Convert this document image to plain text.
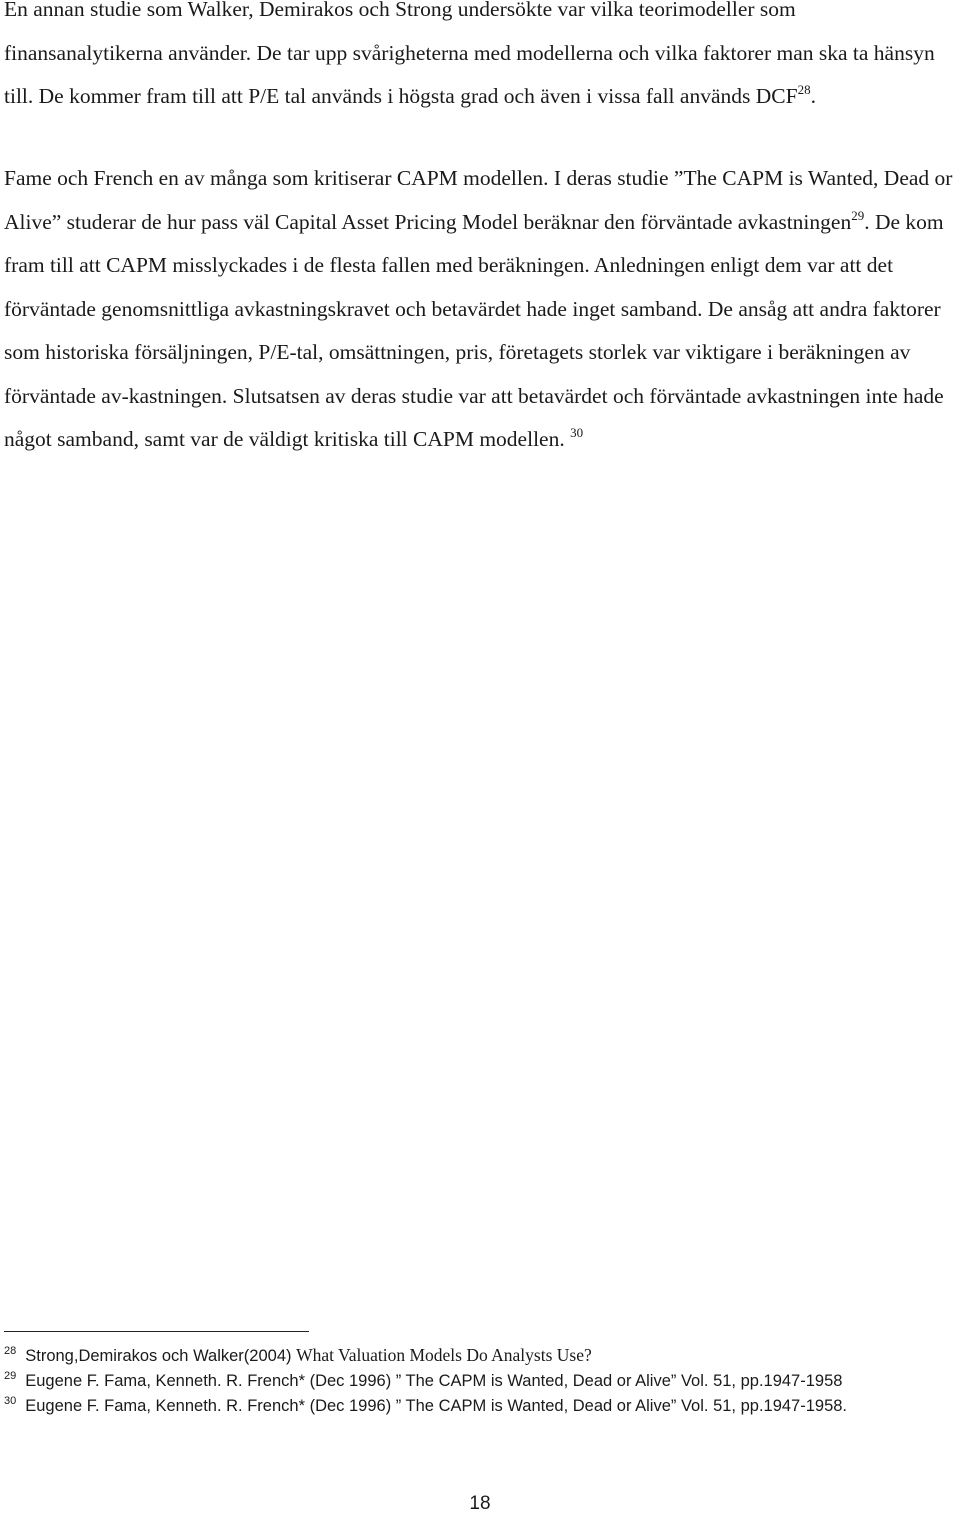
En annan studie som Walker, Demirakos och Strong undersökte var vilka teorimodeller som finansanalytikerna använder. De tar upp svårigheterna med modellerna och vilka faktorer man ska ta hänsyn till. De kommer fram till att P/E tal används i högsta grad och även i vissa fall används DCF$^{28}$.

Fame och French en av många som kritiserar CAPM modellen. I deras studie ”The CAPM is Wanted, Dead or Alive” studerar de hur pass väl Capital Asset Pricing Model beräknar den förväntade avkastningen$^{29}$. De kom fram till att CAPM misslyckades i de flesta fallen med beräkningen. Anledningen enligt dem var att det förväntade genomsnittliga avkastningskravet och betavärdet hade inget samband. De ansåg att andra faktorer som historiska försäljningen, P/E-tal, omsättningen, pris, företagets storlek var viktigare i beräkningen av förväntade av-kastningen. Slutsatsen av deras studie var att betavärdet och förväntade avkastningen inte hade något samband, samt var de väldigt kritiska till CAPM modellen. $^{30}$

$^{28}$ Strong,Demirakos och Walker(2004) What Valuation Models Do Analysts Use?

$^{29}$ Eugene F. Fama, Kenneth. R. French* (Dec 1996) ” The CAPM is Wanted, Dead or Alive” Vol. 51, pp.1947-1958

$^{30}$ Eugene F. Fama, Kenneth. R. French* (Dec 1996) ” The CAPM is Wanted, Dead or Alive” Vol. 51, pp.1947-1958.

18
